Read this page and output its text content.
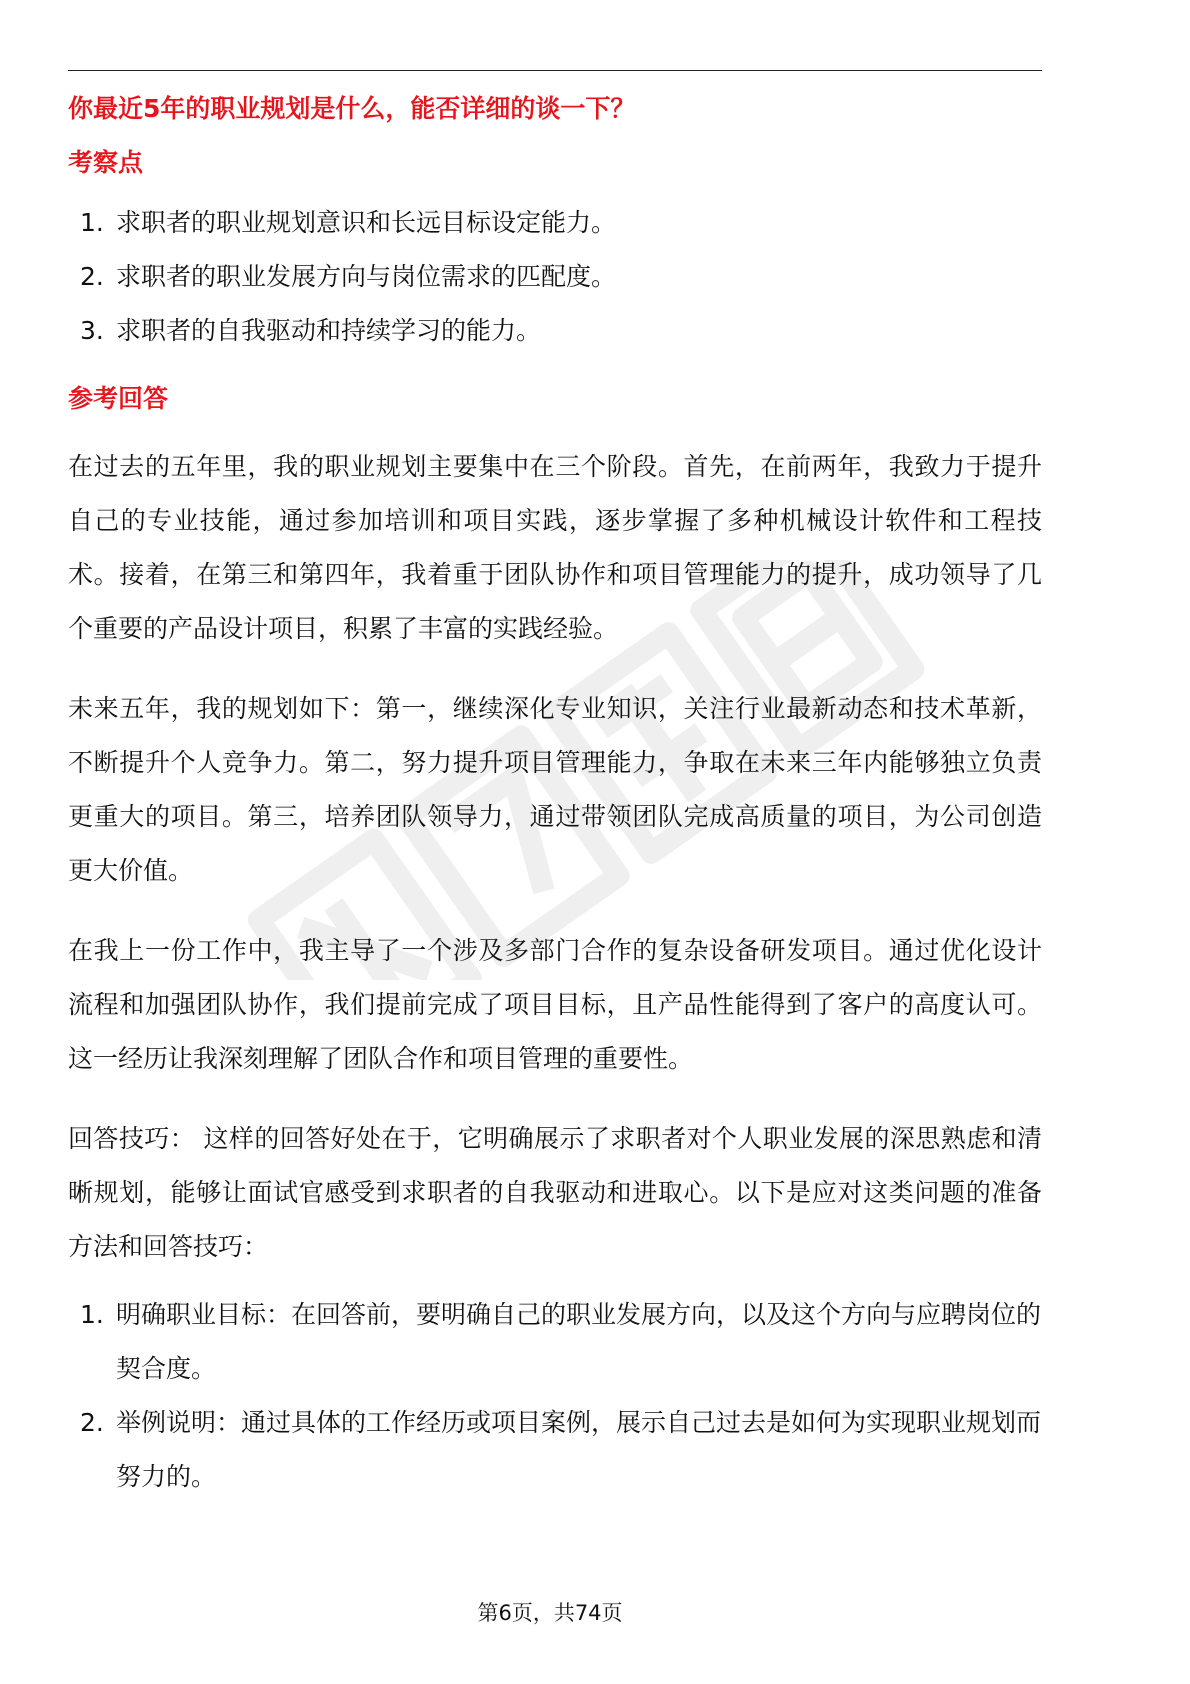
你最近5年的职业规划是什么，能否详细的谈一下？
考察点
1. 求职者的职业规划意识和长远目标设定能力。
2. 求职者的职业发展方向与岗位需求的匹配度。
3. 求职者的自我驱动和持续学习的能力。
参考回答

在过去的五年里，我的职业规划主要集中在三个阶段。首先，在前两年，我致力于提升自己的专业技能，通过参加培训和项目实践，逐步掌握了多种机械设计软件和工程技术。接着，在第三和第四年，我着重于团队协作和项目管理能力的提升，成功领导了几个重要的产品设计项目，积累了丰富的实践经验。

未来五年，我的规划如下：第一，继续深化专业知识，关注行业最新动态和技术革新，不断提升个人竞争力。第二，努力提升项目管理能力，争取在未来三年内能够独立负责更重大的项目。第三，培养团队领导力，通过带领团队完成高质量的项目，为公司创造更大价值。

在我上一份工作中，我主导了一个涉及多部门合作的复杂设备研发项目。通过优化设计流程和加强团队协作，我们提前完成了项目目标，且产品性能得到了客户的高度认可。这一经历让我深刻理解了团队合作和项目管理的重要性。

回答技巧： 这样的回答好处在于，它明确展示了求职者对个人职业发展的深思熟虑和清晰规划，能够让面试官感受到求职者的自我驱动和进取心。以下是应对这类问题的准备方法和回答技巧：

1. 明确职业目标：在回答前，要明确自己的职业发展方向，以及这个方向与应聘岗位的契合度。
2. 举例说明：通过具体的工作经历或项目案例，展示自己过去是如何为实现职业规划而努力的。
第6页，共74页
